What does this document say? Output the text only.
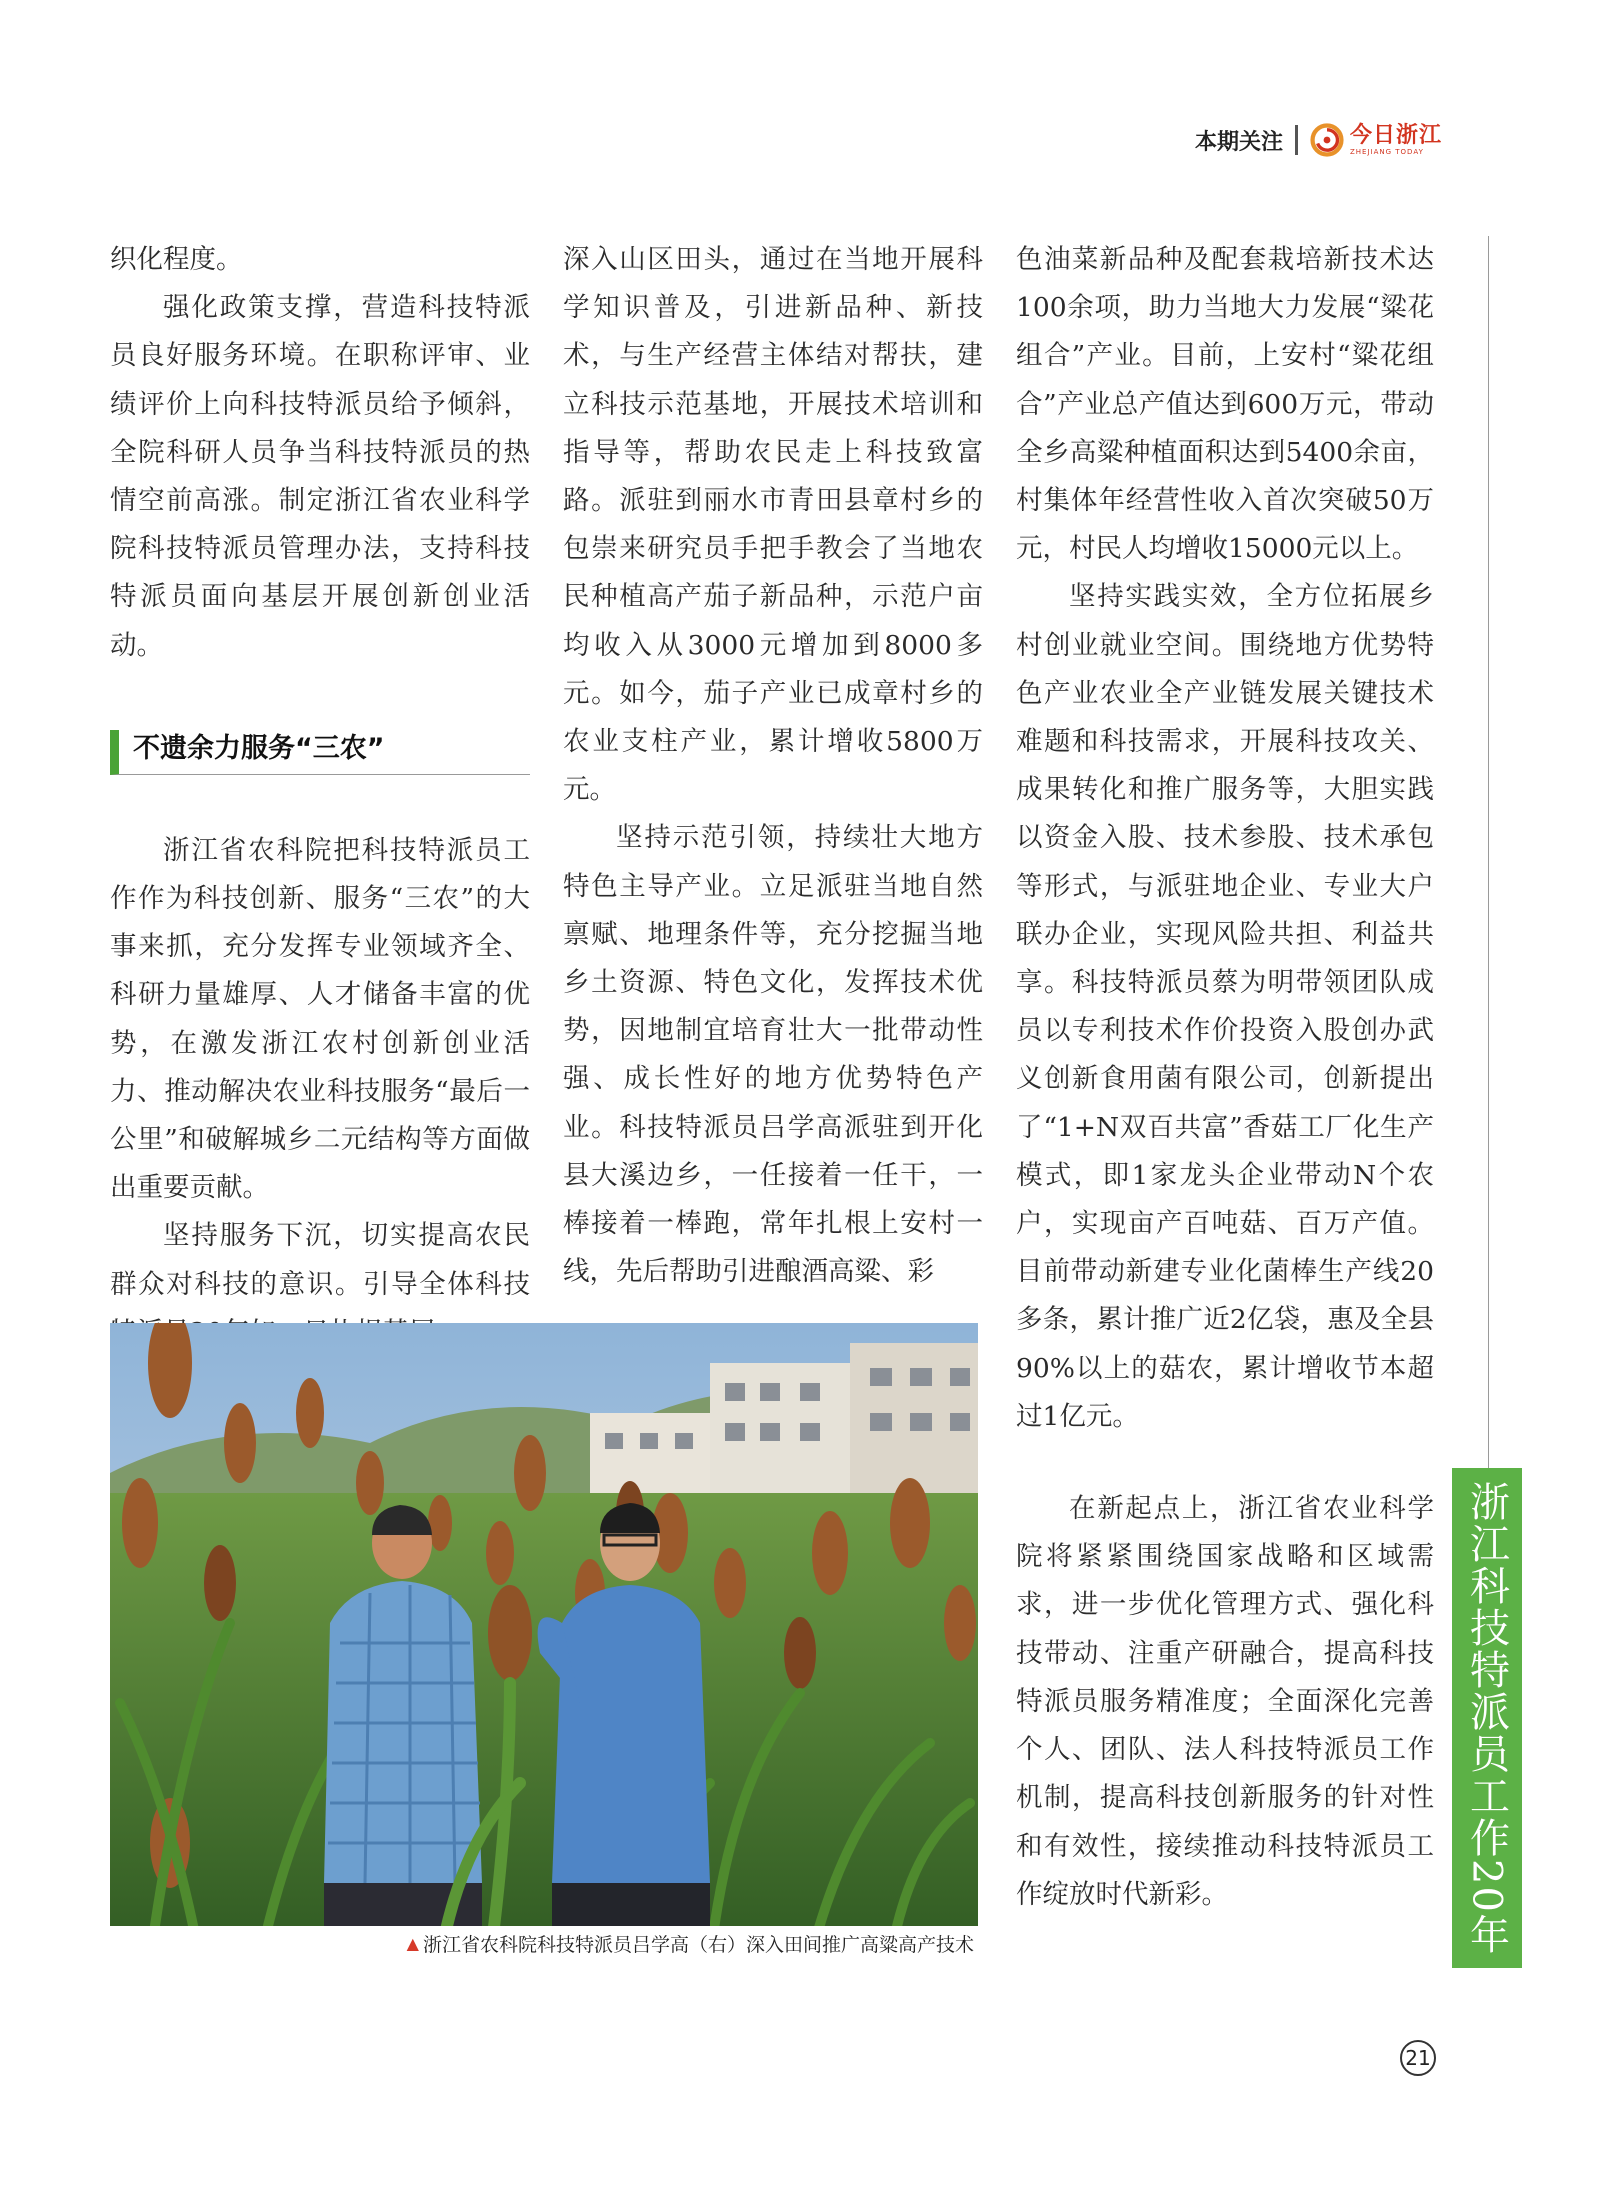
本期关注	今日浙江
ZHEJIANG TODAY

织化程度。

强化政策支撑，营造科技特派员良好服务环境。在职称评审、业绩评价上向科技特派员给予倾斜，全院科研人员争当科技特派员的热情空前高涨。制定浙江省农业科学院科技特派员管理办法，支持科技特派员面向基层开展创新创业活动。

不遗余力服务“三农”

浙江省农科院把科技特派员工作作为科技创新、服务“三农”的大事来抓，充分发挥专业领域齐全、科研力量雄厚、人才储备丰富的优势，在激发浙江农村创新创业活力、推动解决农业科技服务“最后一公里”和破解城乡二元结构等方面做出重要贡献。

坚持服务下沉，切实提高农民群众对科技的意识。引导全体科技

深入山区田头，通过在当地开展科学知识普及，引进新品种、新技术，与生产经营主体结对帮扶，建立科技示范基地，开展技术培训和指导等，帮助农民走上科技致富路。派驻到丽水市青田县章村乡的包崇来研究员手把手教会了当地农民种植高产茄子新品种，示范户亩均收入从3000元增加到8000多元。如今，茄子产业已成章村乡的农业支柱产业，累计增收5800万元。

坚持示范引领，持续壮大地方特色主导产业。立足派驻当地自然禀赋、地理条件等，充分挖掘当地乡土资源、特色文化，发挥技术优势，因地制宜培育壮大一批带动性强、成长性好的地方优势特色产业。科技特派员吕学高派驻到开化县大溪边乡，一任接着一任干，一棒接着一棒跑，常年扎根上安村一线，先后帮助引进酿酒高粱、彩

色油菜新品种及配套栽培新技术达100余项，助力当地大力发展“粱花组合”产业。目前，上安村“粱花组合”产业总产值达到600万元，带动全乡高粱种植面积达到5400余亩，村集体年经营性收入首次突破50万元，村民人均增收15000元以上。

坚持实践实效，全方位拓展乡村创业就业空间。围绕地方优势特色产业农业全产业链发展关键技术难题和科技需求，开展科技攻关、成果转化和推广服务等，大胆实践以资金入股、技术参股、技术承包等形式，与派驻地企业、专业大户联办企业，实现风险共担、利益共享。科技特派员蔡为明带领团队成员以专利技术作价投资入股创办武义创新食用菌有限公司，创新提出了“1+N双百共富”香菇工厂化生产模式，即1家龙头企业带动N个农户，实现亩产百吨菇、百万产值。目前带动新建专业化菌棒生产线20多条，累计推广近2亿袋，惠及全县90%以上的菇农，累计增收节本超过1亿元。

在新起点上，浙江省农业科学院将紧紧围绕国家战略和区域需求，进一步优化管理方式、强化科技带动、注重产研融合，提高科技特派员服务精准度；全面深化完善个人、团队、法人科技特派员工作机制，提高科技创新服务的针对性和有效性，接续推动科技特派员工作绽放时代新彩。

▲ 浙江省农科院科技特派员吕学高（右）深入田间推广高粱高产技术	浙江科技特派员工作20年
21
